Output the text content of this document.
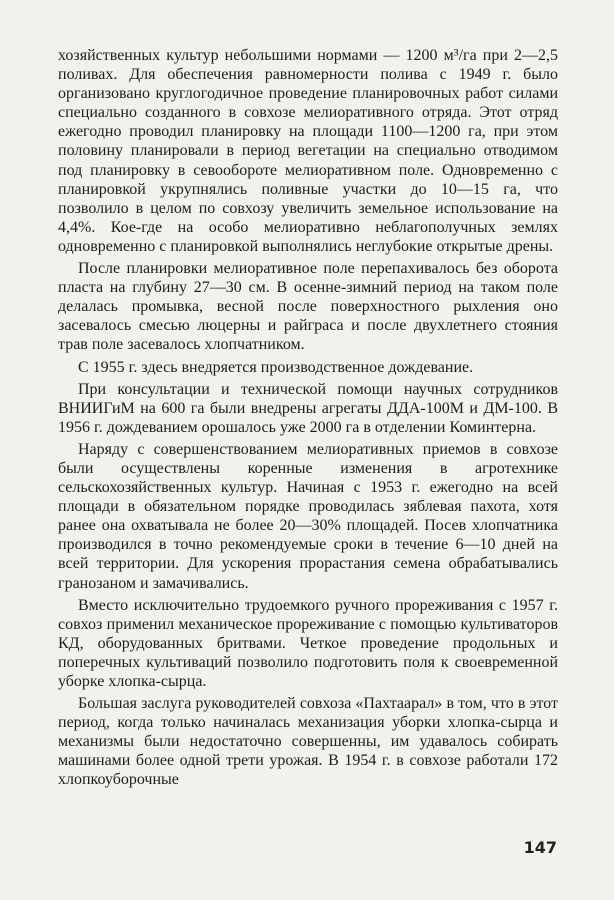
хозяйственных культур небольшими нормами — 1200 м³/га при 2—2,5 поливах. Для обеспечения равномерности полива с 1949 г. было организовано круглогодичное проведение планировочных работ силами специально созданного в совхозе мелиоративного отряда. Этот отряд ежегодно проводил планировку на площади 1100—1200 га, при этом половину планировали в период вегетации на специально отводимом под планировку в севообороте мелиоративном поле. Одновременно с планировкой укрупнялись поливные участки до 10—15 га, что позволило в целом по совхозу увеличить земельное использование на 4,4%. Кое-где на особо мелиоративно неблагополучных землях одновременно с планировкой выполнялись неглубокие открытые дрены.

После планировки мелиоративное поле перепахивалось без оборота пласта на глубину 27—30 см. В осенне-зимний период на таком поле делалась промывка, весной после поверхностного рыхления оно засевалось смесью люцерны и райграса и после двухлетнего стояния трав поле засевалось хлопчатником.

С 1955 г. здесь внедряется производственное дождевание.

При консультации и технической помощи научных сотрудников ВНИИГиМ на 600 га были внедрены агрегаты ДДА-100М и ДМ-100. В 1956 г. дождеванием орошалось уже 2000 га в отделении Коминтерна.

Наряду с совершенствованием мелиоративных приемов в совхозе были осуществлены коренные изменения в агротехнике сельскохозяйственных культур. Начиная с 1953 г. ежегодно на всей площади в обязательном порядке проводилась зяблевая пахота, хотя ранее она охватывала не более 20—30% площадей. Посев хлопчатника производился в точно рекомендуемые сроки в течение 6—10 дней на всей территории. Для ускорения прорастания семена обрабатывались гранозаном и замачивались.

Вместо исключительно трудоемкого ручного прореживания с 1957 г. совхоз применил механическое прореживание с помощью культиваторов КД, оборудованных бритвами. Четкое проведение продольных и поперечных культиваций позволило подготовить поля к своевременной уборке хлопка-сырца.

Большая заслуга руководителей совхоза «Пахтаарал» в том, что в этот период, когда только начиналась механизация уборки хлопка-сырца и механизмы были недостаточно совершенны, им удавалось собирать машинами более одной трети урожая. В 1954 г. в совхозе работали 172 хлопкоуборочные

147
